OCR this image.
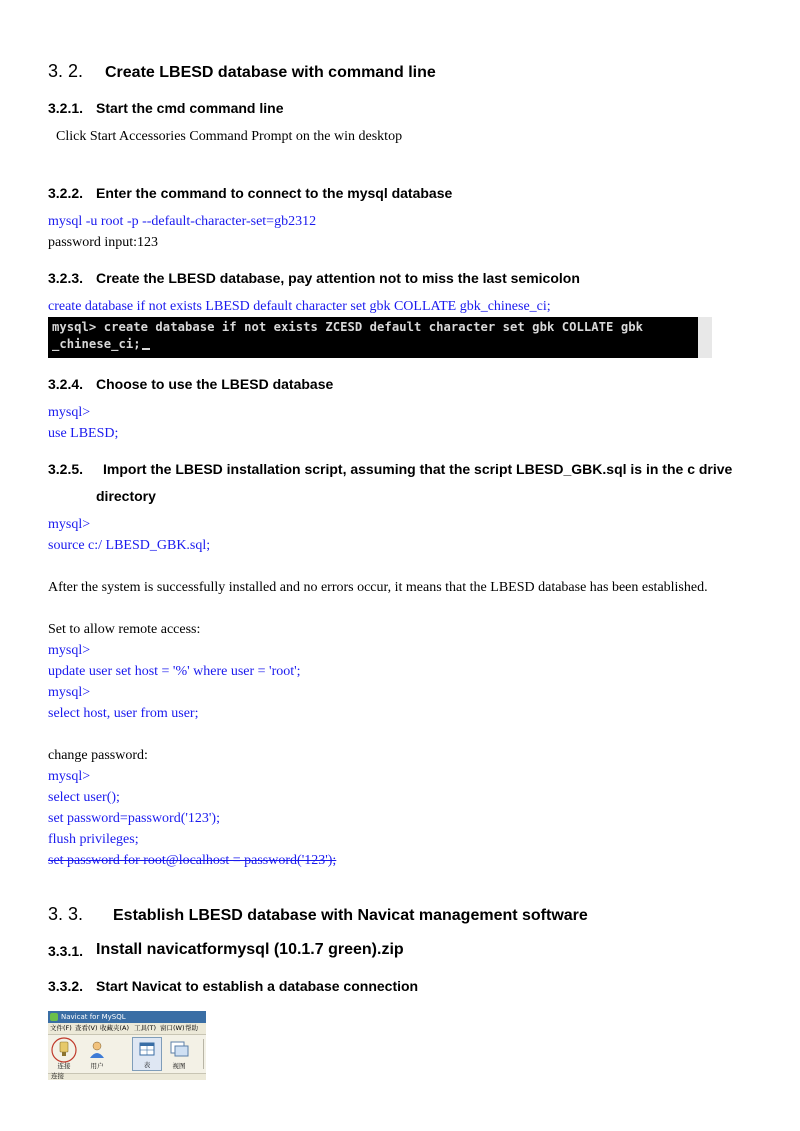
3. 2. Create LBESD database with command line
3.2.1. Start the cmd command line
Click Start Accessories Command Prompt on the win desktop
3.2.2. Enter the command to connect to the mysql database
mysql -u root -p --default-character-set=gb2312
password input:123
3.2.3. Create the LBESD database, pay attention not to miss the last semicolon
create database if not exists LBESD default character set gbk COLLATE gbk_chinese_ci;
mysql> create database if not exists ZCESD default character set gbk COLLATE gbk
_chinese_ci;
3.2.4. Choose to use the LBESD database
mysql>
use LBESD;
3.2.5. Import the LBESD installation script, assuming that the script LBESD_GBK.sql is in the c drive
directory
mysql>
source c:/ LBESD_GBK.sql;
After the system is successfully installed and no errors occur, it means that the LBESD database has been established.
Set to allow remote access:
mysql>
update user set host = '%' where user = 'root';
mysql>
select host, user from user;
change password:
mysql>
select user();
set password=password('123');
flush privileges;
set password for root@localhost = password('123');
3. 3. Establish LBESD database with Navicat management software
3.3.1. Install navicatformysql (10.1.7 green).zip
3.3.2. Start Navicat to establish a database connection
Navicat for MySQL
文件(F) 查看(V) 收藏夹(A) 工具(T) 窗口(W) 帮助
连接	用户	表	视图
连接
